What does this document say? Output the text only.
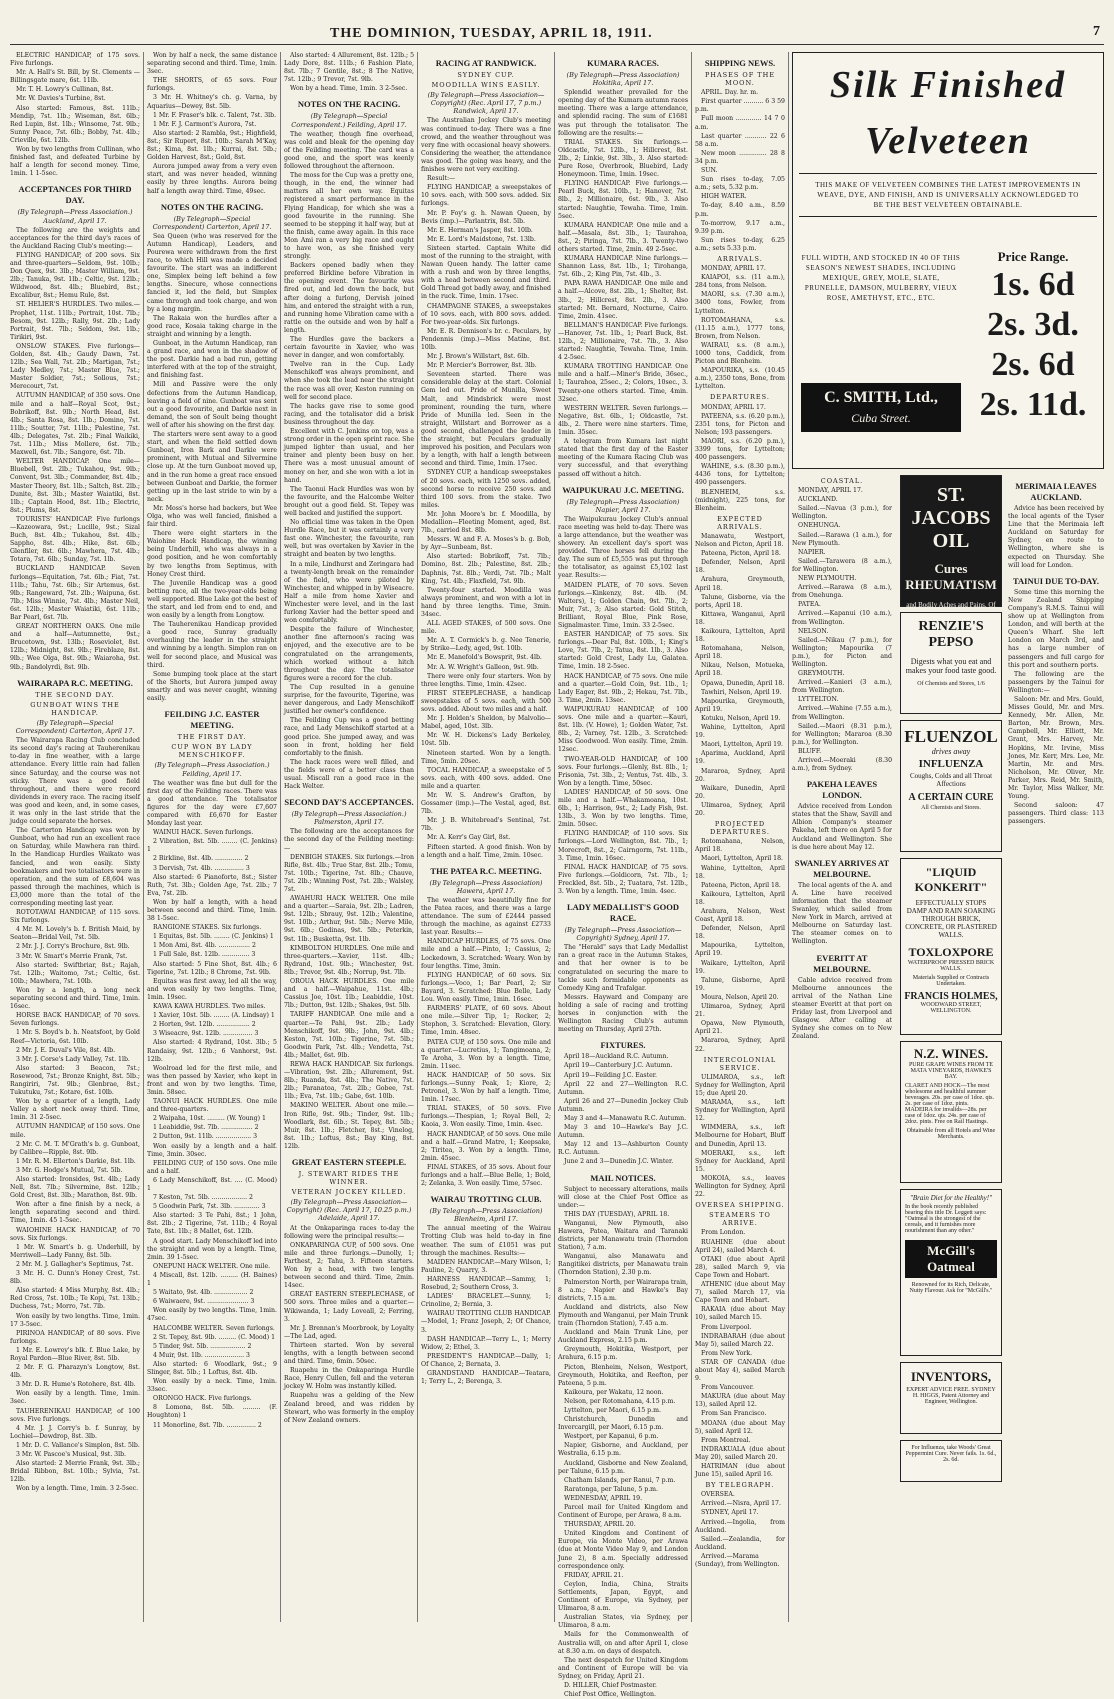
THE DOMINION, TUESDAY, APRIL 18, 1911.	7

ELECTRIC HANDICAP, of 175 sovs. Five furlongs.

Mr. A. Hall's St. Bill, by St. Clements —Billingsgate mare, 6st. 11lb.

Mr. T. H. Lowry's Cullinan, 8st.

Mr. W. Davies's Turbine, 8st.

Also started: Famous, 8st. 11lb.; Mendip, 7st. 1lb.; Wiseman, 8st. 6lb.; Red Lupin, 8st. 1lb.; Winsome, 7st. 9lb.; Sunny Peace, 7st. 6lb.; Bobby, 7st. 4lb.; Crieville, 6st. 12lb.

Won by two lengths from Cullinan, who finished fast, and defeated Turbine by half a length for second money. Time, 1min. 1 1-5sec.

ACCEPTANCES FOR THIRD DAY.

(By Telegraph—Press Association.) Auckland, April 17.

The following are the weights and acceptances for the third day's races of the Auckland Racing Club's meeting:—

FLYING HANDICAP, of 200 sovs. Six and three-quarters—Seldom, 9st. 10lb.; Don Quex, 9st. 3lb.; Master William, 9st. 2lb.; Tanuka, 9st. 1lb.; Celtic, 9st. 12lb.; Wildwood, 8st. 4lb.; Bluebird, 8st.; Excalibur, 8st.; Hemu Rule, 8st.

ST. HELIER'S HURDLES. Two miles.—Prophet, 11st. 11lb.; Portrait, 10st. 7lb.; Besom, 9st. 12lb.; Rally, 9st. 2lb.; Lady Portrait, 9st. 7lb.; Seldom, 9st. 1lb.; Tirikiri, 9st.

ONSLOW STAKES. Five furlongs—Golden, 8st. 4lb.; Gaudy Dawn, 7st. 12lb.; Sea Wall, 7st. 2lb.; Martigan, 7st.; Lady Medley, 7st.; Master Blue, 7st.; Master Soldier, 7st.; Sollous, 7st.; Merecourt, 7st.

AUTUMN HANDICAP, of 350 sovs. One mile and a half—Royal Scot, 9st.; Bobrikoff, 8st. 9lb.; North Head, 8st. 4lb.; Santa Rosa, 8st. 1lb.; Domino, 7st. 11lb.; Soutter, 7st. 11lb.; Palestine, 7st. 4lb.; Delegates, 7st. 2lb.; Final Waikiki, 7st. 11lb.; Miss Mollere, 6st. 7lb.; Maxwell, 6st. 7lb.; Sangore, 6st. 7lb.

WELTER HANDICAP. One mile—Bluebell, 9st. 2lb.; Tukahou, 9st. 9lb.; Convent, 9st. 3lb.; Commander, 8st. 4lb.; Master Theory, 8st. 1lb.; Saltch, 8st. 2lb.; Dunite, 8st. 3lb.; Master Waiatiki, 8st. 1lb.; Captain Hood, 8st. 1lb.; Electric, 8st.; Plums, 8st.

TOURISTS' HANDICAP. Five furlongs—Kazeowara, 9st.; Lucille, 9st.; Sizal Buch, 8st. 4lb.; Tukahou, 8st. 4lb.; Sappho, 8st. 4lb.; Hike, 8st. 6lb.; Glenfiler, 8st. 6lb.; Mawhera, 7st. 4lb.; Totara, 7st. 6lb.; Sunday, 7st. 1lb.

BUCKLAND HANDICAP. Seven furlongs—Equitation, 7st. 6lb.; Fiat, 7st. 11lb.; Tahu, 7st. 6lb.; Sir Artemus, 6st. 9lb.; Rangeward, 7st. 2lb.; Waipuna, 6st. 7lb.; Miss Winnie, 7st. 4lb.; Master Neil, 6st. 12lb.; Master Waiatiki, 6st. 11lb.; Bar Pearl, 6st. 7lb.

GREAT NORTHERN OAKS. One mile and a half—Autumnette, 9st.; Brucetown, 9st. 13lb.; Roseviolet, 8st. 12lb.; Midnight, 8st. 9lb.; Fireblaze, 8st. 9lb.; Wee Olga, 8st. 9lb.; Waiaroha, 9st. 9lb.; Bandolyrdi, 8st. 9lb.

WAIRARAPA R.C. MEETING.

THE SECOND DAY.

GUNBOAT WINS THE HANDICAP.

(By Telegraph—Special Correspondent) Carterton, April 17.

The Wairarapa Racing Club concluded its second day's racing at Tauherenikau to-day in fine weather, with a large attendance. Every little rain had fallen since Saturday, and the course was not sticky. There was a good field throughout, and there were record dividends in every race. The racing itself was good and keen, and, in some cases, it was only in the last stride that the judge could separate the horses.

The Carterton Handicap was won by Gunboat, who had run an excellent race on Saturday, while Mawhera ran third. In the Handicap Hurdles Waikato was fancied, and won easily. Sixty bookmakers and two totalisators were in operation, and the sum of £8,604 was passed through the machines, which is £3,000 more than the total of the corresponding meeting last year.

ROTOTAWAI HANDICAP, of 115 sovs. Six furlongs.

4 Mr. M. Lovely's b. f. British Maid, by Seaton—Bridal Veil, 7st. 5lb.

2 Mr. J. J. Corry's Brochure, 8st. 9lb.

3 Mr. W. Smart's Merrie Frank, 7st.

Also started: Swiftbriar, 8st.; Rajah, 7st. 12lb.; Waitomo, 7st.; Celtic, 6st. 10lb.; Mawhera, 7st. 10lb.

Won by a length, a long neck separating second and third. Time, 1min. 16sec.

HORSE BACK HANDICAP, of 70 sovs. Seven furlongs.

1 Mr. S. Boyd's b. h. Neatsfoot, by Gold Reef—Victoria, 6st. 10lb.

2 Mr. J. E. Duval's Vile, 8st. 4lb.

3 Mr. J. Corse's Lady Valley, 7st. 1lb.

Also started: 3 Beacon, 7st.; Rosewood, 7st.; Bronze Knight, 8st. 5lb.; Rangiriri, 7st. 9lb.; Glenbrae, 8st.; Tukutuku, 7st.; Kotare, 6st. 10lb.

Won by a quarter of a length, Lady Valley a short neck away third. Time, 1min. 31 2-5sec.

AUTUMN HANDICAP, of 150 sovs. One mile.

2 Mr. C. M. T. M'Grath's b. g. Gunboat, by Calibre—Ripple, 8st. 9lb.

1 Mr. R. M. Ellerton's Darkie, 8st. 1lb.

3 Mr. G. Hodge's Mutual, 7st. 5lb.

Also started: Ironsides, 9st. 4lb.; Lady Nell, 8st. 7lb.; Silvermine, 8st. 12lb.; Gold Crest, 8st. 3lb.; Marathon, 8st. 9lb.

Won after a fine finish by a neck, a length separating second and third. Time, 1min. 45 1-5sec.

WAIOHINE HACK HANDICAP, of 70 sovs. Six furlongs.

1 Mr. W. Smart's b. g. Underhill, by Merriwell—Lady Fanny, 8st. 5lb.

2 Mr. M. J. Gallagher's Septimus, 7st.

3 Mr. H. C. Dunn's Honey Crest, 7st. 8lb.

Also started: 4 Miss Murphy, 8st. 4lb.; Red Cross, 7st. 10lb.; Te Kopi, 7st. 13lb.; Duchess, 7st.; Morro, 7st. 7lb.

Won easily by two lengths. Time, 1min. 17 3-5sec.

PIRINOA HANDICAP, of 80 sovs. Five furlongs.

1 Mr. E. Lowrey's blk. f. Blue Lake, by Royal Pardon—Blue River, 8st. 5lb.

2 Mr. F. G. Pharazyn's Longtow, 8st. 4lb.

3 Mr. D. R. Hume's Rotohere, 8st. 4lb.

Won easily by a length. Time, 1min. 3sec.

TAUHERENIKAU HANDICAP, of 100 sovs. Five furlongs.

4 Mr. J. J. Corry's b. f. Sunray, by Lochiel—Dewdrop, 8st. 3lb.

1 Mr. D. C. Vallance's Simplon, 8st. 5lb.

3 Mr. W. Pascoe's Musical, 9st. 3lb.

Also started: 2 Merrie Frank, 9st. 3lb.; Bridal Ribbon, 8st. 10lb.; Sylvia, 7st. 12lb.

Won by a length. Time, 1min. 3 2-5sec.

Won by half a neck, the same distance separating second and third. Time, 1min. 3sec.

THE SHORTS, of 65 sovs. Four furlongs.

3 Mr. H. Whitney's ch. g. Varna, by Aquarius—Dewey, 8st. 5lb.

1 Mr. F. Fraser's blk. c. Talent, 7st. 3lb.

1 Mr. F. J. Carmont's Aurora, 7st.

Also started: 2 Rambla, 9st.; Highfield, 8st.; Sir Rupert, 8st. 10lb.; Sarah M'Kay, 8st.; Kima, 8st. 1lb.; Kurrai, 8st. 5lb.; Golden Harvest, 8st.; Gold, 8st.

Aurora jumped away from a very even start, and was never headed, winning easily by three lengths. Aurora being half a length away third. Time, 49sec.

NOTES ON THE RACING.

(By Telegraph—Special Correspondent) Carterton, April 17.

Sea Queen (who was reserved for the Autumn Handicap), Leaders, and Pourewa were withdrawn from the first race, to which Hill was made a decided favourite. The start was an indifferent one, Simplex being left behind a few lengths. Sinecure, whose connections fancied it, led the field, but Simplex came through and took charge, and won by a long margin.

The Rakaia won the hurdles after a good race, Kosaia taking charge in the straight and winning by a length.

Gunboat, in the Autumn Handicap, ran a grand race, and won in the shadow of the post. Darkie had a bad run, getting interfered with at the top of the straight, and finishing fast.

Mill and Passive were the only defections from the Autumn Handicap, leaving a field of nine. Gunboat was sent out a good favourite, and Darkie next in demand, the son of Soult being thought well of after his showing on the first day.

The starters were sent away to a good start, and when the field settled down Gunboat, Iron Bark and Darkie were prominent, with Mutual and Silvermine close up. At the turn Gunboat moved up, and in the run home a great race ensued between Gunboat and Darkie, the former getting up in the last stride to win by a neck.

Mr. Moss's horse had backers, but Wee Olga, who was well fancied, finished a fair third.

There were eight starters in the Waiohine Hack Handicap, the winning being Underhill, who was always in a good position, and he won comfortably by two lengths from Septimus, with Honey Crest third.

The Juvenile Handicap was a good betting race, all the two-year-olds being well supported. Blue Lake got the best of the start, and led from end to end, and won easily by a length from Longtow.

The Tauherenikau Handicap provided a good race, Sunray gradually overhauling the leader in the straight and winning by a length. Simplon ran on well for second place, and Musical was third.

Some bumping took place at the start of the Shorts, but Aurora jumped away smartly and was never caught, winning easily.

FEILDING J.C. EASTER MEETING.

THE FIRST DAY.

CUP WON BY LADY MENSCHIKOFF.

(By Telegraph—Press Association.) Feilding, April 17.

The weather was fine but dull for the first day of the Feilding races. There was a good attendance. The totalisator figures for the day were £7,607 compared with £6,670 for Easter Monday last year.

WAINUI HACK. Seven furlongs.

2 Vibration, 8st. 5lb. ........ (C. Jenkins) 1

2 Birkline, 8st. 4lb. .............. 2

3 Dervish, 7st. 4lb. ............... 3

Also started: 6 Pianoforte, 8st.; Sister Ruth, 7st. 3lb.; Golden Age, 7st. 2lb.; 7 Eva, 7st. 2lb.

Won by half a length, with a head between second and third. Time, 1min. 38 1-5sec.

RANGIONE STAKES. Six furlongs.

1 Equitas, 8st. 5lb. ........ (C. Jenkins) 1

1 Mon Ami, 8st. 4lb. ................ 2

1 Full Sale, 8st. 12lb. .............. 3

Also started: 5 Fine Shot, 8st. 4lb.; 6 Tigerine, 7st. 12lb.; 8 Chrome, 7st. 9lb.

Equitas was first away, led all the way, and won easily by two lengths. Time, 1min. 19sec.

KAWA KAWA HURDLES. Two miles.

1 Xavier, 10st. 5lb. ........ (A. Lindsay) 1

2 Horten, 9st. 12lb. ................. 2

3 Wiseacre, 9st. 12lb. ............... 3

Also started: 4 Rydrand, 10st. 3lb.; 5 Randaisy, 9st. 12lb.; 6 Vanhorst, 9st. 12lb.

Woolroad led for the first mile, and was then passed by Xavier, who kept in front and won by two lengths. Time, 3min. 58sec.

TAONUI HACK HURDLES. One mile and three-quarters.

2 Waipaha, 10st. ......... (W. Young) 1

1 Leabiddie, 9st. 7lb. ................ 2

2 Dutton, 9st. 11lb. .................. 3

Won easily by a length and a half. Time, 3min. 30sec.

FEILDING CUP, of 150 sovs. One mile and a half.

6 Lady Menschikoff, 8st. .... (C. Mood) 1

7 Keston, 7st. 5lb. .................. 2

5 Goodwin Park, 7st. 3lb. ............. 3

Also started: 3 Te Pahi, 8st.; 1 John, 8st. 2lb.; 2 Tigerine, 7st. 11lb.; 4 Royal Tate, 8st. 1lb.; 8 Mallet, 6st. 12lb.

A good start. Lady Menschikoff led into the straight and won by a length. Time, 2min. 39 1-5sec.

ONEPUNI HACK WELTER. One mile.

4 Miscall, 8st. 12lb. ......... (H. Baines) 1

5 Waitato, 9st. 4lb. ................. 2

6 Waiwaere, 9st. ..................... 3

Won easily by two lengths. Time, 1min. 47sec.

HALCOMBE WELTER. Seven furlongs.

2 St. Tepey, 8st. 9lb. ......... (C. Mood) 1

5 Tinder, 9st. 5lb. .................. 2

4 Muir, 9st. 1lb. .................... 3

Also started: 6 Woodlark, 9st.; 9 Slinger, 8st. 5lb.; 1 Loftus, 8st. 4lb.

Won easily by a neck. Time, 1min. 33sec.

ORONGO HACK. Five furlongs.

8 Lomona, 8st. 5lb. ......... (F. Houghton) 1

11 Monorline, 8st. 7lb. ............... 2

Also started: 4 Allurement, 8st. 12lb.; 5 Lady Dore, 8st. 11lb.; 6 Fashion Plate, 8st. 7lb.; 7 Gentile, 8st.; 8 The Native, 7st. 12lb.; 9 Trevor, 7st. 9lb.

Won by a head. Time, 1min. 3 2-5sec.

NOTES ON THE RACING.

(By Telegraph—Special Correspondent.) Feilding, April 17.

The weather, though fine overhead, was cold and bleak for the opening day of the Feilding meeting. The card was a good one, and the sport was keenly followed throughout the afternoon.

The moss for the Cup was a pretty one, though, in the end, the winner had matters all her own way. Equitas registered a smart performance in the Flying Handicap, for which she was a good favourite in the running. She seemed to be stepping it half way, but at the finish, came away again. In this race Mon Ami ran a very big race and ought to have won, as she finished very strongly.

Backers opened badly when they preferred Birkline before Vibration in the opening event. The favourite was fired out, and led down the back, but after doing a furlong, Dervish joined him, and entered the straight with a run, and running home Vibration came with a rattle on the outside and won by half a length.

The Hurdles gave the backers a certain favourite in Xavier, who was never in danger, and won comfortably.

Twelve ran in the Cup. Lady Menschikoff was always prominent, and when she took the lead near the straight the race was all over, Keston running on well for second place.

The hacks gave rise to some good racing, and the totalisator did a brisk business throughout the day.

Excellent with C. Jenkins on top, was a strong order in the open sprint race. She jumped lighter than usual, and her trainer and plenty been busy on her. There was a most unusual amount of money on her, and she won with a lot in hand.

The Taonui Hack Hurdles was won by the favourite, and the Halcombe Welter brought out a good field. St. Tepey was well backed and justified the support.

No official time was taken in the Open Hurdle Race, but it was certainly a very fast one. Winchester, the favourite, ran well, but was overtaken by Xavier in the straight and beaten by two lengths.

In a mile, Lindhurst and Zeringara had a twenty-length break on the remainder of the field, who were piloted by Winchester, and whipped in by Wiseacre. Half a mile from home Xavier and Winchester were level, and in the last furlong Xavier had the better speed and won comfortably.

Despite the failure of Winchester, another fine afternoon's racing was enjoyed, and the executive are to be congratulated on the arrangements, which worked without a hitch throughout the day. The totalisator figures were a record for the club.

The Cup resulted in a genuine surprise, for the favourite, Tigerine, was never dangerous, and Lady Menschikoff justified her owner's confidence.

The Feilding Cup was a good betting race, and Lady Menschikoff started at a good price. She jumped away, and was soon in front, holding her field comfortably to the finish.

The hack races were well filled, and the fields were of a better class than usual. Miscall ran a good race in the Hack Welter.

SECOND DAY'S ACCEPTANCES.

(By Telegraph—Press Association.) Palmerston, April 17.

The following are the acceptances for the second day of the Feilding meeting:—

DENBIGH STAKES. Six furlongs.—Iron Rifle, 8st. 4lb.; True Star, 8st. 2lb.; Tomu, 7st. 10lb.; Tigerine, 7st. 8lb.; Chauve, 7st. 2lb.; Winning Post, 7st. 2lb.; Walsley, 7st.

AWAHURI HACK WELTER. One mile and a quarter.—Saraia, 9st. 2lb.; Ladren, 9st. 12lb.; Sbrauy, 9st. 12lb.; Valentine, 9st. 10lb.; Arthur, 9st. 5lb.; Nerve Mile, 9st. 6lb.; Godinas, 9st. 5lb.; Peterkin, 9st. 1lb.; Busketta, 9st. 1lb.

KIMBOLTON HURDLES. One mile and three-quarters.—Xavier, 11st. 4lb.; Rydrand, 10st. 9lb.; Winchester, 9st. 8lb.; Trevor, 9st. 4lb.; Norrup, 9st. 7lb.

OROUA HACK HURDLES. One mile and a half.—Waipahue, 11st. 4lb.; Cassius Joe, 10st. 1lb.; Leabiddie, 10st. 7lb.; Dutton, 9st. 12lb.; Shakes, 9st. 5lb.

TARIFF HANDICAP. One mile and a quarter.—Te Pahi, 9st. 2lb.; Lady Menschikoff, 9st. 9lb.; John, 9st. 4lb.; Keston, 7st. 10lb.; Tigerine, 7st. 5lb.; Goodwin Park, 7st. 4lb.; Vendetta, 7st. 4lb.; Mallet, 6st. 9lb.

REWA HACK HANDICAP. Six furlongs.—Vibration, 9st. 2lb.; Allurement, 9st. 8lb.; Ruanda, 8st. 4lb.; The Native, 7st. 2lb.; Paranatoa, 7st. 2lb.; Gobee, 7st. 1lb.; Eva, 7st. 1lb.; Gabe, 6st. 10lb.

MAKINO WELTER. About one mile.—Iron Rifle, 9st. 9lb.; Tinder, 9st. 1lb.; Woodlark, 8st. 6lb.; St. Tepey, 8st. 5lb.; Muir, 8st. 1lb.; Fletcher, 8st.; Vinelog, 8st. 1lb.; Loftus, 8st.; Bay King, 8st. 12lb.

GREAT EASTERN STEEPLE.

J. STEWART RIDES THE WINNER.

VETERAN JOCKEY KILLED.

(By Telegraph—Press Association—Copyright) (Rec. April 17, 10.25 p.m.) Adelaide, April 17.

At the Onkaparinga races to-day the following were the principal results:—

ONKAPARINGA CUP, of 500 sovs. One mile and three furlongs.—Dunolly, 1; Farthest, 2; Tahu, 3. Fifteen starters. Won by a head, with two lengths between second and third. Time, 2min. 14sec.

GREAT EASTERN STEEPLECHASE, of 500 sovs. Three miles and a quarter.—Wikiwanda, 1; Lady Loveall, 2; Ferring, 3.

Mr. J. Brennan's Moorbrook, by Loyalty—The Lad, aged.

Thirteen started. Won by several lengths, with a length between second and third. Time, 6min. 50sec.

Ruapehu in the Onkaparinga Hurdle Race, Henry Cullen, fell and the veteran jockey W. Holm was instantly killed.

Ruapehu was a gelding of the New Zealand breed, and was ridden by Stewart, who was formerly in the employ of New Zealand owners.

RACING AT RANDWICK.

SYDNEY CUP.

MOODILLA WINS EASILY.

(By Telegraph—Press Association—Copyright) (Rec. April 17, 7 p.m.) Randwick, April 17.

The Australian Jockey Club's meeting was continued to-day. There was a fine crowd, and the weather throughout was very fine with occasional heavy showers. Considering the weather, the attendance was good. The going was heavy, and the finishes were not very exciting.

Result:—

FLYING HANDICAP, a sweepstakes of 10 sovs. each, with 500 sovs. added. Six furlongs.

Mr. P. Foy's g. h. Nawan Queen, by Bevis (imp.)—Parlantrix, 8st. 5lb.

Mr. E. Herman's Jasper, 8st. 10lb.

Mr. E. Lord's Maidstone, 7st. 13lb.

Sixteen started. Captain White did most of the running to the straight, with Nawan Queen handy. The latter came with a rush and won by three lengths, with a head between second and third. Gold Thread got badly away, and finished in the ruck. Time, 1min. 17sec.

CHAMPAGNE STAKES, a sweepstakes of 10 sovs. each, with 800 sovs. added. For two-year-olds. Six furlongs.

Mr. E. R. Dennison's br. c. Peculars, by Pendennis (imp.)—Miss Matine, 8st. 10lb.

Mr. J. Brown's Willstart, 8st. 6lb.

Mr. P. Mercier's Borrower, 8st. 3lb.

Seventeen started. There was considerable delay at the start. Colonial Gem led out. Pride of Munilla, Sweet Malt, and Mindsbrick were most prominent, rounding the turn, where Pride of Munilla led. Seen in the straight, Willstart and Borrower as a good second, challenged the leader in the straight, but Peculars gradually improved his position, and Peculars won by a length, with half a length between second and third. Time, 1min. 17sec.

SYDNEY CUP, a handicap sweepstakes of 20 sovs. each, with 1250 sovs. added, second horse to receive 250 sovs. and third 100 sovs. from the stake. Two miles.

Mr. John Moore's br. f. Moodilla, by Medallion—Fleeting Moment, aged, 8st. 7lb., carried 8st. 8lb.

Messrs. W. and F. A. Moses's b. g. Bob, by Ayr—Sunbeam, 8st.

Also started: Bobrikoff, 7st. 7lb.; Domino, 8st. 2lb.; Palestine, 8st. 2lb.; Daphnis, 7st. 8lb.; Verdi, 7st. 7lb.; Malt King, 7st. 4lb.; Flaxfield, 7st. 9lb.

Twenty-four started. Moodilla was always prominent, and won with a lot in hand by three lengths. Time, 3min. 34sec.

ALL AGED STAKES, of 500 sovs. One mile.

Mr. A. T. Cormick's b. g. Nee Tenerie, by Strike—Ledy, aged, 9st. 10lb.

Mr. E. Manefold's Bowsprit, 9st. 4lb.

Mr. A. W. Wright's Galleon, 9st. 9lb.

There were only four starters. Won by three lengths. Time, 1min. 42sec.

FIRST STEEPLECHASE, a handicap sweepstakes of 5 sovs. each, with 500 sovs. added. About two miles and a half.

Mr. J. Holden's Sheldon, by Malvolio—Mabel, aged, 10st. 3lb.

Mr. W. H. Dickens's Lady Berkeley, 10st. 5lb.

Nineteen started. Won by a length. Time, 5min. 20sec.

TOCAL HANDICAP, a sweepstake of 5 sovs. each, with 400 sovs. added. One mile and a quarter.

Mr. W. S. Andrew's Grafton, by Gossamer (imp.)—The Vestal, aged, 8st. 7lb.

Mr. J. B. Whitebread's Sentinal, 7st. 7lb.

Mr. A. Kerr's Gay Girl, 8st.

Fifteen started. A good finish. Won by a length and a half. Time, 2min. 10sec.

THE PATEA R.C. MEETING.

(By Telegraph—Press Association) Hawera, April 17.

The weather was beautifully fine for the Patea races, and there was a large attendance. The sum of £2444 passed through the machine, as against £2733 last year. Results:—

HANDICAP HURDLES, of 75 sovs. One mile and a half.—Pinto, 1; Cassius, 2; Lockedown, 3. Scratched: Weary. Won by four lengths. Time, 3min.

FLYING HANDICAP, of 60 sovs. Six furlongs.—Voco, 1; Bar Pearl, 2; Sir Bayard, 3. Scratched: Blue Belle, Lady Lou. Won easily. Time, 1min. 16sec.

FARMERS' PLATE, of 60 sovs. About one mile.—Silver Tip, 1; Rocker, 2; Stephon, 3. Scratched: Elevation, Glory. Time, 1min. 48sec.

PATEA CUP, of 150 sovs. One mile and a quarter.—Lucretius, 1; Tangimoana, 2; Te Aroha, 3. Won by a length. Time, 2min. 11sec.

HACK HANDICAP, of 50 sovs. Six furlongs.—Sunny Peak, 1; Kiore, 2; Petronel, 3. Won by half a length. Time, 1min. 17sec.

TRIAL STAKES, of 50 sovs. Five furlongs.—Thespian, 1; Royal Bell, 2; Kaoia, 3. Won easily. Time, 1min. 4sec.

HACK HANDICAP, of 50 sovs. One mile and a half.—Grand Matre, 1; Keepsake, 2; Tiritea, 3. Won by a length. Time, 2min. 45sec.

FINAL STAKES, of 35 sovs. About four furlongs and a half.—Blue Belle, 1; Bold, 2; Zelanka, 3. Won easily. Time, 57sec.

WAIRAU TROTTING CLUB.

(By Telegraph—Press Association) Blenheim, April 17.

The annual meeting of the Wairau Trotting Club was held to-day in fine weather. The sum of £1051 was put through the machines. Results:—

MAIDEN HANDICAP.—Mary Wilson, 1; Pauline, 2; Quarry, 3.

HARNESS HANDICAP.—Sammy, 1; Rosebud, 2; Southern Cross, 3.

LADIES' BRACELET.—Sunny, 1; Crinoline, 2; Bernia, 3.

WAIRAU TROTTING CLUB HANDICAP.—Model, 1; Franz Joseph, 2; Of Chance, 3.

DASH HANDICAP.—Terry L., 1; Merry Widow, 2; Ethel, 3.

PRESIDENT'S HANDICAP.—Dally, 1; Of Chance, 2; Bernata, 3.

GRANDSTAND HANDICAP.—Teatara, 1; Terry L., 2; Berenga, 3.

KUMARA RACES.

(By Telegraph—Press Association) Hokitika, April 17.

Splendid weather prevailed for the opening day of the Kumara autumn races meeting. There was a large attendance, and splendid racing. The sum of £1681 was put through the totalisator. The following are the results:—

TRIAL STAKES. Six furlongs.—Oldcastle, 7st. 12lb., 1; Hillcrest, 8st. 2lb., 2; Linkie, 9st. 3lb., 3. Also started: Pure Rose, Overbrook, Bluebird, Lady Honeymoon. Time, 1min. 19sec.

FLYING HANDICAP. Five furlongs.—Pearl Buck, 8st. 10lb., 1; Hanover, 7st. 8lb., 2; Millionaire, 6st. 9lb., 3. Also started: Naughtie, Tewaha. Time, 1min. 5sec.

KUMARA HANDICAP. One mile and a half.—Masala, 8st. 3lb., 1; Taurahoa, 8st., 2; Piringa, 7st. 7lb., 3. Twenty-two others started. Time, 2min. 49 2-5sec.

KUMARA HANDICAP. Nine furlongs.—Shannon Lass, 8st. 1lb., 1; Tirohanga, 7st. 6lb., 2; King Pin, 7st. 4lb., 3.

PAPA RAWA HANDICAP. One mile and a half.—Alcove, 8st. 2lb., 1; Shelter, 8st. 3lb., 2; Hillcrest, 8st. 2lb., 3. Also started: Mt. Bernard, Nocturne, Cairo. Time, 2min. 41sec.

BELLMAN'S HANDICAP. Five furlongs.—Hanover, 7st. 1lb., 1; Pearl Buck, 8st. 12lb., 2; Millionaire, 7st. 7lb., 3. Also started: Naughtie, Tewaha. Time, 1min. 4 2-5sec.

KUMARA TROTTING HANDICAP. One mile and a half.—Miner's Bride, 36sec., 1; Taurahoa, 25sec., 2; Colors, 10sec., 3. Twenty-one others started. Time, 4min. 32sec.

WESTERN WELTER. Seven furlongs.—Negative, 8st. 6lb., 1; Oldcastle, 7st. 4lb., 2. There were nine starters. Time, 1min. 35sec.

A telegram from Kumara last night stated that the first day of the Easter meeting of the Kumara Racing Club was very successful, and that everything passed off without a hitch.

WAIPUKURAU J.C. MEETING.

(By Telegraph—Press Association) Napier, April 17.

The Waipukurau Jockey Club's annual race meeting was held to-day. There was a large attendance, but the weather was showery. An excellent day's sport was provided. Three horses fell during the day. The sum of £5,555 was put through the totalisator, as against £5,102 last year. Results:—

MAIDEN PLATE, of 70 sovs. Seven furlongs.—Kinkenzy, 8st. 4lb. (M. Walters), 1; Golden Chain, 9st. 7lb., 2; Muir, 7st., 3; Also started: Gold Stitch, Brilliant, Royal Blue, Pink Rose, Signalmaster. Time, 1min. 33 2-5sec.

EASTER HANDICAP, of 75 sovs. Six furlongs.—Dear Pal, 8st. 10lb., 1; King's Love, 7st. 7lb., 2; Tatua, 8st. 1lb., 3. Also started: Gold Crest, Lady Lu, Galatea. Time, 1min. 18 2-5sec.

HACK HANDICAP, of 75 sovs. One mile and a quarter.—Gold Coin, 9st. 1lb., 1; Lady Eager, 8st. 9lb., 2; Hekau, 7st. 7lb., 3. Time, 2min. 13sec.

WAIPUKURAU HANDICAP, of 100 sovs. One mile and a quarter.—Kauri, 8st. 1lb. (V. Howe), 1; Golden Water, 7st. 8lb., 2; Varney, 7st. 12lb., 3. Scratched: Miss Goodwood. Won easily. Time, 2min. 12sec.

TWO-YEAR-OLD HANDICAP, of 100 sovs. Four furlongs.—Glenly, 8st. 8lb., 1; Frisonia, 7st. 3lb., 2; Ventus, 7st. 4lb., 3. Won by a length. Time, 50sec.

LADIES' HANDICAP, of 50 sovs. One mile and a half.—Whakamoana, 10st. 6lb., 1; Harrison, 9st., 2; Lady Fish, 9st. 13lb., 3. Won by two lengths. Time, 2min. 50sec.

FLYING HANDICAP, of 110 sovs. Six furlongs.—Lord Wellington, 8st. 7lb., 1; Morecroft, 8st., 2; Cairngorm, 7st. 11lb., 3. Time, 1min. 16sec.

FINAL HACK HANDICAP, of 75 sovs. Five furlongs.—Goldicorn, 7st. 7lb., 1; Freckled, 8st. 5lb., 2; Tuatara, 7st. 12lb., 3. Won by a length. Time, 1min. 4sec.

LADY MEDALLIST'S GOOD RACE.

(By Telegraph—Press Association—Copyright) Sydney, April 17.

The "Herald" says that Lady Medallist ran a great race in the Autumn Stakes, and that her owner is to be congratulated on securing the mare to tackle such formidable opponents as Comedy King and Trafalgar.

Messrs. Hayward and Company are holding a sale of racing and trotting horses in conjunction with the Wellington Racing Club's autumn meeting on Thursday, April 27th.

FIXTURES.

April 18—Auckland R.C. Autumn.

April 19—Canterbury J.C. Autumn.

April 19—Feilding J.C. Easter.

April 22 and 27—Wellington R.C. Autumn.

April 26 and 27—Dunedin Jockey Club Autumn.

May 3 and 4—Manawatu R.C. Autumn.

May 3 and 10—Hawke's Bay J.C. Autumn.

May 12 and 13—Ashburton County R.C. Autumn.

June 2 and 3—Dunedin J.C. Winter.

MAIL NOTICES.

Subject to necessary alterations, mails will close at the Chief Post Office as under:—

THIS DAY (TUESDAY), APRIL 18.

Wanganui, New Plymouth, also Hawera, Patea, Waitara and Taranaki districts, per Manawatu train (Thorndon Station), 7 a.m.

Wanganui, also Manawatu and Rangitikei districts, per Manawatu train (Thorndon Station), 2.30 p.m.

Palmerston North, per Wairarapa train, 8 a.m.; Napier and Hawke's Bay districts, 7.15 a.m.

Auckland and districts, also New Plymouth and Wanganui, per Main Trunk train (Thorndon Station), 7.45 a.m.

Auckland and Main Trunk Line, per Auckland Express, 2.15 p.m.

Greymouth, Hokitika, Westport, per Arahura, 6.15 p.m.

Picton, Blenheim, Nelson, Westport, Greymouth, Hokitika, and Reefton, per Pateena, 5 p.m.

Kaikoura, per Wakatu, 12 noon.

Nelson, per Rotomahana, 4.15 p.m.

Lyttelton, per Maori, 6.15 p.m.

Christchurch, Dunedin and Invercargill, per Maori, 6.15 p.m.

Westport, per Kapanui, 6 p.m.

Napier, Gisborne, and Auckland, per Westralia, 6.15 p.m.

Auckland, Gisborne and New Zealand, per Talune, 6.15 p.m.

Chatham Islands, per Ranui, 7 p.m.

Raratonga, per Talune, 5 p.m.

WEDNESDAY, APRIL 19.

Parcel mail for United Kingdom and Continent of Europe, per Arawa, 8 a.m.

THURSDAY, APRIL 20.

United Kingdom and Continent of Europe, via Monte Video, per Arawa (due at Monte Video May 9, and London June 2), 8 a.m. Specially addressed correspondence only.

FRIDAY, APRIL 21.

Ceylon, India, China, Straits Settlements, Japan, Egypt, and Continent of Europe, via Sydney, per Ulimaroa, 8 a.m.

Australian States, via Sydney, per Ulimaroa, 8 a.m.

Mails for the Commonwealth of Australia will, on and after April 1, close at 8.30 a.m. on days of despatch.

The next despatch for United Kingdom and Continent of Europe will be via Sydney, on Friday, April 21.

D. HILLER, Chief Postmaster.

Chief Post Office, Wellington.

SHIPPING NEWS.

PHASES OF THE MOON.

APRIL. Day. hr. m.

First quarter .......... 6 3 59 p.m.

Full moon ............. 14 7 0 a.m.

Last quarter ........... 22 6 58 a.m.

New moon .............. 28 8 34 p.m.

SUN.

Sun rises to-day, 7.05 a.m.; sets, 5.32 p.m.

HIGH WATER.

To-day, 8.40 a.m., 8.59 p.m.

To-morrow, 9.17 a.m., 9.39 p.m.

Sun rises to-day, 6.25 a.m.; sets 5.33 p.m.

ARRIVALS.

MONDAY, APRIL 17.

KAIAPOI, s.s. (11 a.m.), 284 tons, from Nelson.

MAORI, s.s. (7.30 a.m.), 3400 tons, Fowler, from Lyttelton.

ROTOMAHANA, s.s. (11.15 a.m.), 1777 tons, Brown, from Nelson.

WAIRAU, s.s. (8 a.m.), 1000 tons, Caddick, from Picton and Blenheim.

MAPOURIKA, s.s. (10.45 a.m.), 2350 tons, Bone, from Lyttelton.

DEPARTURES.

MONDAY, APRIL 17.

PATEENA, s.s. (6.20 p.m.), 2351 tons, for Picton and Nelson; 193 passengers.

MAORI, s.s. (6.20 p.m.), 3399 tons, for Lyttelton; 400 passengers.

WAHINE, s.s. (8.30 p.m.), 4436 tons, for Lyttelton; 490 passengers.

BLENHEIM, s.s. (midnight), 225 tons, for Blenheim.

EXPECTED ARRIVALS.

Manawatu, Westport, Nelson and Picton, April 18.

Pateena, Picton, April 18.

Defender, Nelson, April 18.

Arahura, Greymouth, April 18.

Talune, Gisborne, via the ports, April 18.

Kittawa, Wanganui, April 18.

Kaikoura, Lyttelton, April 18.

Rotomahana, Nelson, April 18.

Nikau, Nelson, Motueka, April 18.

Opawa, Dunedin, April 18.

Tawhiri, Nelson, April 19.

Mapourika, Greymouth, April 19.

Kotuku, Nelson, April 19.

Wahine, Lyttelton, April 19.

Maori, Lyttelton, April 19.

Aparima, Auckland, April 19.

Mararoa, Sydney, April 20.

Waikare, Dunedin, April 20.

Ulimaroa, Sydney, April 20.

PROJECTED DEPARTURES.

Rotomahana, Nelson, April 18.

Maori, Lyttelton, April 18.

Wahine, Lyttelton, April 18.

Pateena, Picton, April 18.

Kaikoura, Lyttelton, April 18.

Arahura, Nelson, West Coast, April 18.

Defender, Nelson, April 18.

Mapourika, Lyttelton, April 19.

Waikare, Lyttelton, April 19.

Talune, Gisborne, April 19.

Moura, Nelson, April 20.

Ulimaroa, Sydney, April 21.

Opawa, New Plymouth, April 21.

Mararoa, Sydney, April 22.

INTERCOLONIAL SERVICE.

ULIMAROA, s.s., left Sydney for Wellington, April 15; due April 20.

MARAMA, s.s., left Sydney for Wellington, April 12.

WIMMERA, s.s., left Melbourne for Hobart, Bluff and Dunedin, April 13.

MOERAKI, s.s., left Sydney for Auckland, April 15.

MOKOIA, s.s., leaves Wellington for Sydney, April 22.

OVERSEA SHIPPING.

STEAMERS TO ARRIVE.

From London.

RUAHINE (due about April 24), sailed March 4.

OTAKI (due about April 28), sailed March 9, via Cape Town and Hobart.

ATHENIC (due about May 7), sailed March 17, via Cape Town and Hobart.

RAKAIA (due about May 10), sailed March 15.

From Liverpool.

INDRABARAH (due about May 5), sailed March 22.

From New York.

STAR OF CANADA (due about May 4), sailed March 9.

From Vancouver.

MAKURA (due about May 13), sailed April 12.

From San Francisco.

MOANA (due about May 5), sailed April 12.

From Montreal.

INDRAKUALA (due about May 20), sailed March 20.

HATRIMAN (due about June 15), sailed April 16.

BY TELEGRAPH.

OVERSEA.

Arrived.—Nisra, April 17.

SYDNEY, April 17.

Arrived.—Ingolia, from Auckland.

Sailed.—Zealandia, for Auckland.

Arrived.—Marama (Sunday), from Wellington.

Silk Finished Velveteen
THIS MAKE OF VELVETEEN COMBINES THE LATEST IMPROVEMENTS IN WEAVE, DYE, AND FINISH, AND IS UNIVERSALLY ACKNOWLEDGED TO BE THE BEST VELVETEEN OBTAINABLE.
FULL WIDTH, AND STOCKED IN 40 OF THIS SEASON'S NEWEST SHADES, INCLUDING MEXIQUE, GREY, MOLE, SLATE, PRUNELLE, DAMSON, MULBERRY, VIEUX ROSE, AMETHYST, ETC., ETC.
Price Range.
1s. 6d
2s. 3d.
2s. 6d
2s. 11d.
C. SMITH, Ltd.,
Cuba Street.

COASTAL.

MONDAY, APRIL 17.

AUCKLAND.

Sailed.—Navua (3 p.m.), for Wellington.

ONEHUNGA.

Sailed.—Rarawa (1 a.m.), for New Plymouth.

NAPIER.

Sailed.—Tarawera (8 a.m.), for Wellington.

NEW PLYMOUTH.

Arrived.—Rarawa (8 a.m.), from Onehunga.

PATEA.

Arrived.—Kapanui (10 a.m.), from Wellington.

NELSON.

Sailed.—Nikau (7 p.m.), for Wellington; Mapourika (7 p.m.), for Picton and Wellington.

GREYMOUTH.

Arrived.—Kanieri (3 a.m.), from Wellington.

LYTTELTON.

Arrived.—Wahine (7.55 a.m.), from Wellington.

Sailed.—Maori (8.31 p.m.), for Wellington; Mararoa (8.30 p.m.), for Wellington.

BLUFF.

Arrived.—Moeraki (8.30 a.m.), from Sydney.

PAKEHA LEAVES LONDON.

Advice received from London states that the Shaw, Savill and Albion Company's steamer Pakeha, left there on April 5 for Auckland and Wellington. She is due here about May 12.

SWANLEY ARRIVES AT MELBOURNE.

The local agents of the A. and A. Line have received information that the steamer Swanley, which sailed from New York in March, arrived at Melbourne on Saturday last. The steamer comes on to Wellington.

EVERITT AT MELBOURNE.

Cable advice received from Melbourne announces the arrival of the Nathan Line steamer Everitt at that port on Friday last, from Liverpool and Glasgow. After calling at Sydney she comes on to New Zealand.

ST. JACOBS OIL
Cures RHEUMATISM
and Bodily Aches and Pains. Of
RENZIE'S PEPSO
Digests what you eat and makes your food taste good.
Of Chemists and Stores, 1/6
FLUENZOL
drives away
INFLUENZA
Coughs, Colds and all Throat Affections
A CERTAIN CURE
All Chemists and Stores.
"LIQUID KONKERIT"
EFFECTUALLY STOPS DAMP AND RAIN SOAKING THROUGH BRICK, CONCRETE, OR PLASTERED WALLS.
TOXLOXPORE
WATERPROOF PRESSED BRICK WALLS.
Materials Supplied or Contracts Undertaken.
FRANCIS HOLMES,
WOODWARD STREET, WELLINGTON.
N.Z. WINES.
PURE GRAPE WINES FROM TE MATA VINEYARDS, HAWKE'S BAY.
CLARET AND HOCK—The most wholesome and healthful summer beverages. 20s. per case of 1doz. qts. 2s. per case of 1doz. pints. MADEIRA for invalids—28s. per case of 1doz. qts. 24s. per case of 2doz. pints. Free on Rail Hastings.
Obtainable from all Hotels and Wine Merchants.
"Brain Diet for the Healthy!"
In the book recently published bearing this title Dr. Leggett says: "Oatmeal is the strongest of the cereals, and it furnishes more nourishment than any other."
McGill's Oatmeal
Renowned for its Rich, Delicate, Nutty Flavour. Ask for "McGill's."
INVENTORS,
EXPERT ADVICE FREE. SYDNEY H. HIGGS, Patent Attorney and Engineer, Wellington.
For Influenza, take Woods' Great Peppermint Cure. Never fails. 1s. 6d., 2s. 6d.

MERIMAIA LEAVES AUCKLAND.

Advice has been received by the local agents of the Tyser Line that the Merimaia left Auckland on Saturday for Sydney, en route to Wellington, where she is expected on Thursday. She will load for London.

TAINUI DUE TO-DAY.

Some time this morning the New Zealand Shipping Company's R.M.S. Tainui will show up at Wellington from London, and will berth at the Queen's Wharf. She left London on March 3rd, and has a large number of passengers and full cargo for this port and southern ports.

The following are the passengers by the Tainui for Wellington:—

Saloon: Mr. and Mrs. Gould, Misses Gould, Mr. and Mrs. Kennedy, Mr. Allen, Mr. Barton, Mr. Brown, Mrs. Campbell, Mr. Elliott, Mr. Grant, Mrs. Harvey, Mr. Hopkins, Mr. Irvine, Miss Jones, Mr. Kerr, Mrs. Lee, Mr. Martin, Mr. and Mrs. Nicholson, Mr. Oliver, Mr. Parker, Mrs. Reid, Mr. Smith, Mr. Taylor, Miss Walker, Mr. Young.

Second saloon: 47 passengers. Third class: 113 passengers.
